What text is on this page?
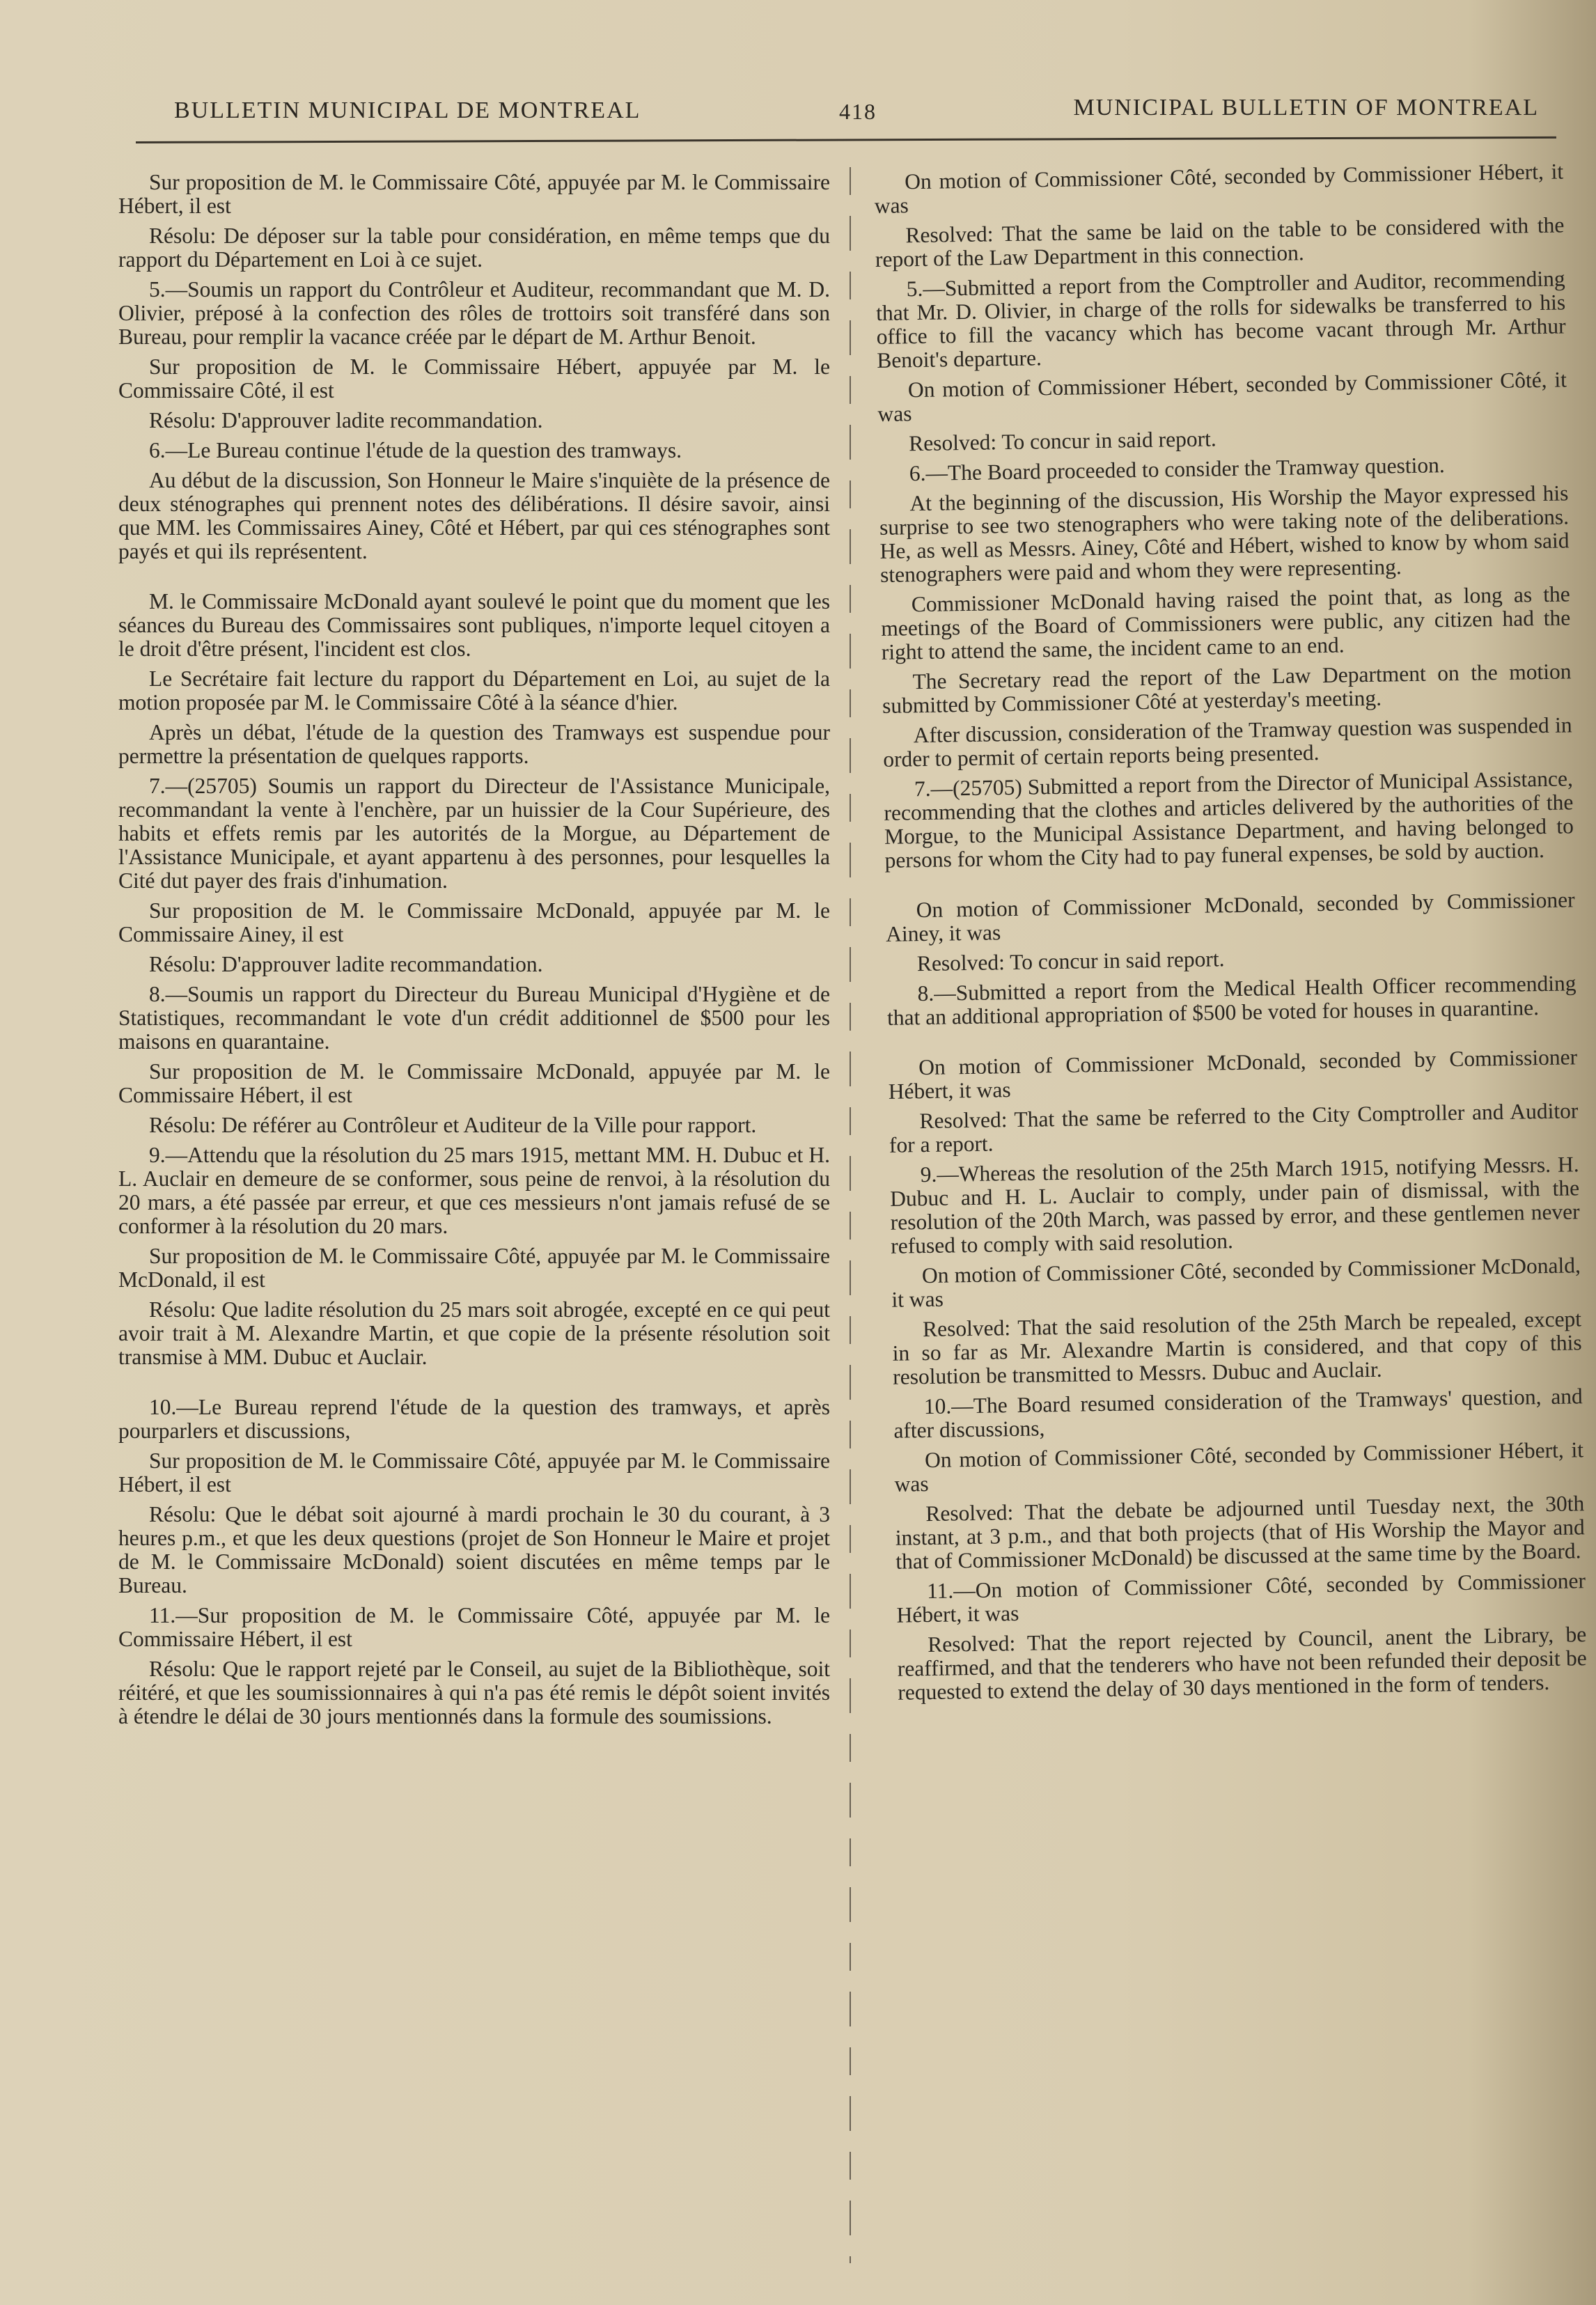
BULLETIN MUNICIPAL DE MONTREAL	418	MUNICIPAL BULLETIN OF MONTREAL

Sur proposition de M. le Commissaire Côté, appuyée par M. le Commissaire Hébert, il est

Résolu: De déposer sur la table pour considération, en même temps que du rapport du Département en Loi à ce sujet.

5.—Soumis un rapport du Contrôleur et Auditeur, recommandant que M. D. Olivier, préposé à la confection des rôles de trottoirs soit transféré dans son Bureau, pour remplir la vacance créée par le départ de M. Arthur Benoit.

Sur proposition de M. le Commissaire Hébert, appuyée par M. le Commissaire Côté, il est

Résolu: D'approuver ladite recommandation.

6.—Le Bureau continue l'étude de la question des tramways.

Au début de la discussion, Son Honneur le Maire s'inquiète de la présence de deux sténographes qui prennent notes des délibérations. Il désire savoir, ainsi que MM. les Commissaires Ainey, Côté et Hébert, par qui ces sténographes sont payés et qui ils représentent.

M. le Commissaire McDonald ayant soulevé le point que du moment que les séances du Bureau des Commissaires sont publiques, n'importe lequel citoyen a le droit d'être présent, l'incident est clos.

Le Secrétaire fait lecture du rapport du Département en Loi, au sujet de la motion proposée par M. le Commissaire Côté à la séance d'hier.

Après un débat, l'étude de la question des Tramways est suspendue pour permettre la présentation de quelques rapports.

7.—(25705) Soumis un rapport du Directeur de l'Assistance Municipale, recommandant la vente à l'enchère, par un huissier de la Cour Supérieure, des habits et effets remis par les autorités de la Morgue, au Département de l'Assistance Municipale, et ayant appartenu à des personnes, pour lesquelles la Cité dut payer des frais d'inhumation.

Sur proposition de M. le Commissaire McDonald, appuyée par M. le Commissaire Ainey, il est

Résolu: D'approuver ladite recommandation.

8.—Soumis un rapport du Directeur du Bureau Municipal d'Hygiène et de Statistiques, recommandant le vote d'un crédit additionnel de $500 pour les maisons en quarantaine.

Sur proposition de M. le Commissaire McDonald, appuyée par M. le Commissaire Hébert, il est

Résolu: De référer au Contrôleur et Auditeur de la Ville pour rapport.

9.—Attendu que la résolution du 25 mars 1915, mettant MM. H. Dubuc et H. L. Auclair en demeure de se conformer, sous peine de renvoi, à la résolution du 20 mars, a été passée par erreur, et que ces messieurs n'ont jamais refusé de se conformer à la résolution du 20 mars.

Sur proposition de M. le Commissaire Côté, appuyée par M. le Commissaire McDonald, il est

Résolu: Que ladite résolution du 25 mars soit abrogée, excepté en ce qui peut avoir trait à M. Alexandre Martin, et que copie de la présente résolution soit transmise à MM. Dubuc et Auclair.

10.—Le Bureau reprend l'étude de la question des tramways, et après pourparlers et discussions,

Sur proposition de M. le Commissaire Côté, appuyée par M. le Commissaire Hébert, il est

Résolu: Que le débat soit ajourné à mardi prochain le 30 du courant, à 3 heures p.m., et que les deux questions (projet de Son Honneur le Maire et projet de M. le Commissaire McDonald) soient discutées en même temps par le Bureau.

11.—Sur proposition de M. le Commissaire Côté, appuyée par M. le Commissaire Hébert, il est

Résolu: Que le rapport rejeté par le Conseil, au sujet de la Bibliothèque, soit réitéré, et que les soumissionnaires à qui n'a pas été remis le dépôt soient invités à étendre le délai de 30 jours mentionnés dans la formule des soumissions.

On motion of Commissioner Côté, seconded by Commissioner Hébert, it was

Resolved: That the same be laid on the table to be considered with the report of the Law Department in this connection.

5.—Submitted a report from the Comptroller and Auditor, recommending that Mr. D. Olivier, in charge of the rolls for sidewalks be transferred to his office to fill the vacancy which has become vacant through Mr. Arthur Benoit's departure.

On motion of Commissioner Hébert, seconded by Commissioner Côté, it was

Resolved: To concur in said report.

6.—The Board proceeded to consider the Tramway question.

At the beginning of the discussion, His Worship the Mayor expressed his surprise to see two stenographers who were taking note of the deliberations. He, as well as Messrs. Ainey, Côté and Hébert, wished to know by whom said stenographers were paid and whom they were representing.

Commissioner McDonald having raised the point that, as long as the meetings of the Board of Commissioners were public, any citizen had the right to attend the same, the incident came to an end.

The Secretary read the report of the Law Department on the motion submitted by Commissioner Côté at yesterday's meeting.

After discussion, consideration of the Tramway question was suspended in order to permit of certain reports being presented.

7.—(25705) Submitted a report from the Director of Municipal Assistance, recommending that the clothes and articles delivered by the authorities of the Morgue, to the Municipal Assistance Department, and having belonged to persons for whom the City had to pay funeral expenses, be sold by auction.

On motion of Commissioner McDonald, seconded by Commissioner Ainey, it was

Resolved: To concur in said report.

8.—Submitted a report from the Medical Health Officer recommending that an additional appropriation of $500 be voted for houses in quarantine.

On motion of Commissioner McDonald, seconded by Commissioner Hébert, it was

Resolved: That the same be referred to the City Comptroller and Auditor for a report.

9.—Whereas the resolution of the 25th March 1915, notifying Messrs. H. Dubuc and H. L. Auclair to comply, under pain of dismissal, with the resolution of the 20th March, was passed by error, and these gentlemen never refused to comply with said resolution.

On motion of Commissioner Côté, seconded by Commissioner McDonald, it was

Resolved: That the said resolution of the 25th March be repealed, except in so far as Mr. Alexandre Martin is considered, and that copy of this resolution be transmitted to Messrs. Dubuc and Auclair.

10.—The Board resumed consideration of the Tramways' question, and after discussions,

On motion of Commissioner Côté, seconded by Commissioner Hébert, it was

Resolved: That the debate be adjourned until Tuesday next, the 30th instant, at 3 p.m., and that both projects (that of His Worship the Mayor and that of Commissioner McDonald) be discussed at the same time by the Board.

11.—On motion of Commissioner Côté, seconded by Commissioner Hébert, it was

Resolved: That the report rejected by Council, anent the Library, be reaffirmed, and that the tenderers who have not been refunded their deposit be requested to extend the delay of 30 days mentioned in the form of tenders.
